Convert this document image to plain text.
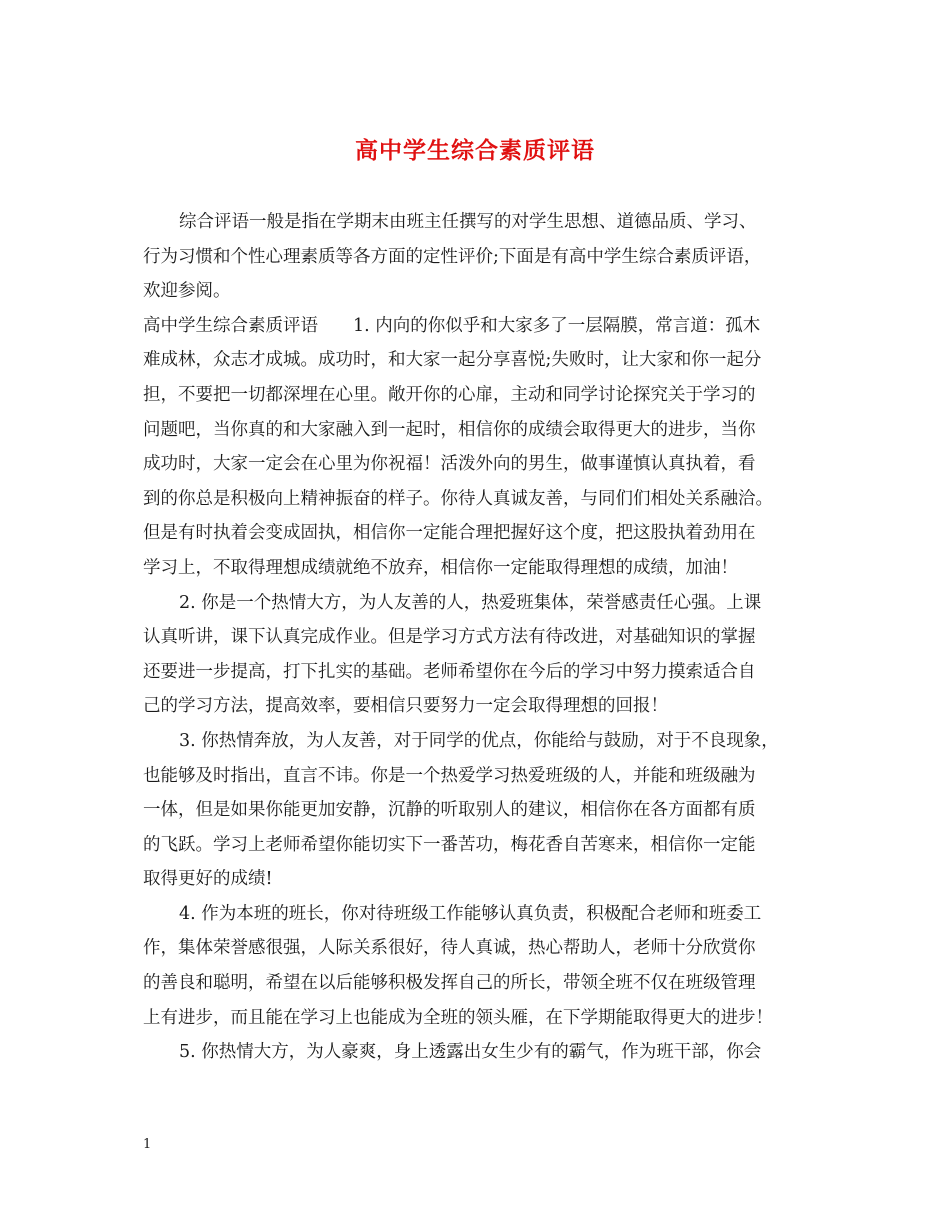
高中学生综合素质评语
综合评语一般是指在学期末由班主任撰写的对学生思想、道德品质、学习、
行为习惯和个性心理素质等各方面的定性评价;下面是有高中学生综合素质评语，
欢迎参阅。
高中学生综合素质评语　　1. 内向的你似乎和大家多了一层隔膜，常言道：孤木
难成林，众志才成城。成功时，和大家一起分享喜悦;失败时，让大家和你一起分
担，不要把一切都深埋在心里。敞开你的心扉，主动和同学讨论探究关于学习的
问题吧，当你真的和大家融入到一起时，相信你的成绩会取得更大的进步，当你
成功时，大家一定会在心里为你祝福！活泼外向的男生，做事谨慎认真执着，看
到的你总是积极向上精神振奋的样子。你待人真诚友善，与同们们相处关系融洽。
但是有时执着会变成固执，相信你一定能合理把握好这个度，把这股执着劲用在
学习上，不取得理想成绩就绝不放弃，相信你一定能取得理想的成绩，加油！
2. 你是一个热情大方，为人友善的人，热爱班集体，荣誉感责任心强。上课
认真听讲，课下认真完成作业。但是学习方式方法有待改进，对基础知识的掌握
还要进一步提高，打下扎实的基础。老师希望你在今后的学习中努力摸索适合自
己的学习方法，提高效率，要相信只要努力一定会取得理想的回报！
3. 你热情奔放，为人友善，对于同学的优点，你能给与鼓励，对于不良现象，
也能够及时指出，直言不讳。你是一个热爱学习热爱班级的人，并能和班级融为
一体，但是如果你能更加安静，沉静的听取别人的建议，相信你在各方面都有质
的飞跃。学习上老师希望你能切实下一番苦功，梅花香自苦寒来，相信你一定能
取得更好的成绩!
4. 作为本班的班长，你对待班级工作能够认真负责，积极配合老师和班委工
作，集体荣誉感很强，人际关系很好，待人真诚，热心帮助人，老师十分欣赏你
的善良和聪明，希望在以后能够积极发挥自己的所长，带领全班不仅在班级管理
上有进步，而且能在学习上也能成为全班的领头雁，在下学期能取得更大的进步！
5. 你热情大方，为人豪爽，身上透露出女生少有的霸气，作为班干部，你会
1
